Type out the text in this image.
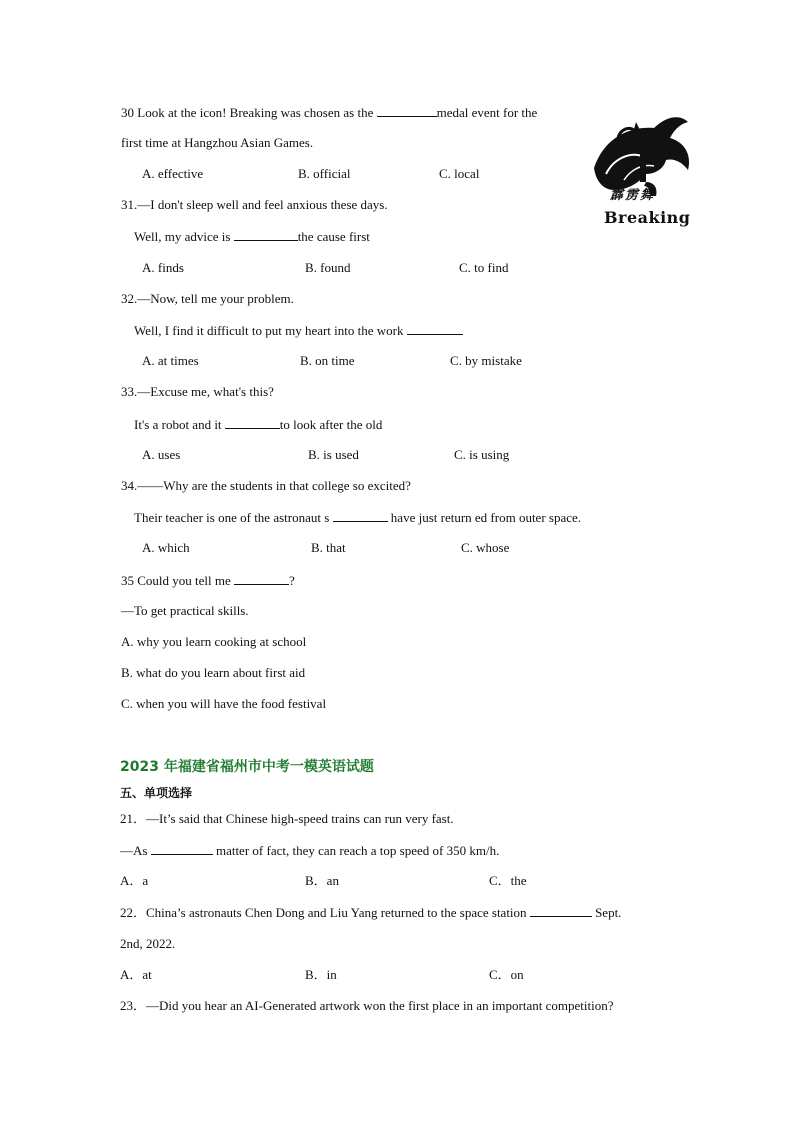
30 Look at the icon! Breaking was chosen as the	medal event for the
first time at Hangzhou Asian Games.
A. effective	B. official	C. local
霹雳舞
Breaking
31.—I don't sleep well and feel anxious these days.
Well, my advice is	the cause first
A. finds	B. found	C. to find
32.—Now, tell me your problem.
Well, I find it difficult to put my heart into the work
A. at times	B. on time	C. by mistake
33.—Excuse me, what's this?
It's a robot and it	to look after the old
A. uses	B. is used	C. is using
34.——Why are the students in that college so excited?
Their teacher is one of the astronaut s	have just return ed from outer space.
A. which	B. that	C. whose
35 Could you tell me	?
—To get practical skills.
A. why you learn cooking at school
B. what do you learn about first aid
C. when you will have the food festival
2023 年福建省福州市中考一模英语试题
五、单项选择
21．—It’s said that Chinese high-speed trains can run very fast.
—As	matter of fact, they can reach a top speed of 350 km/h.
A．a	B．an	C．the
22．China’s astronauts Chen Dong and Liu Yang returned to the space station	Sept.
2nd, 2022.
A．at	B．in	C．on
23．—Did you hear an AI-Generated artwork won the first place in an important competition?
